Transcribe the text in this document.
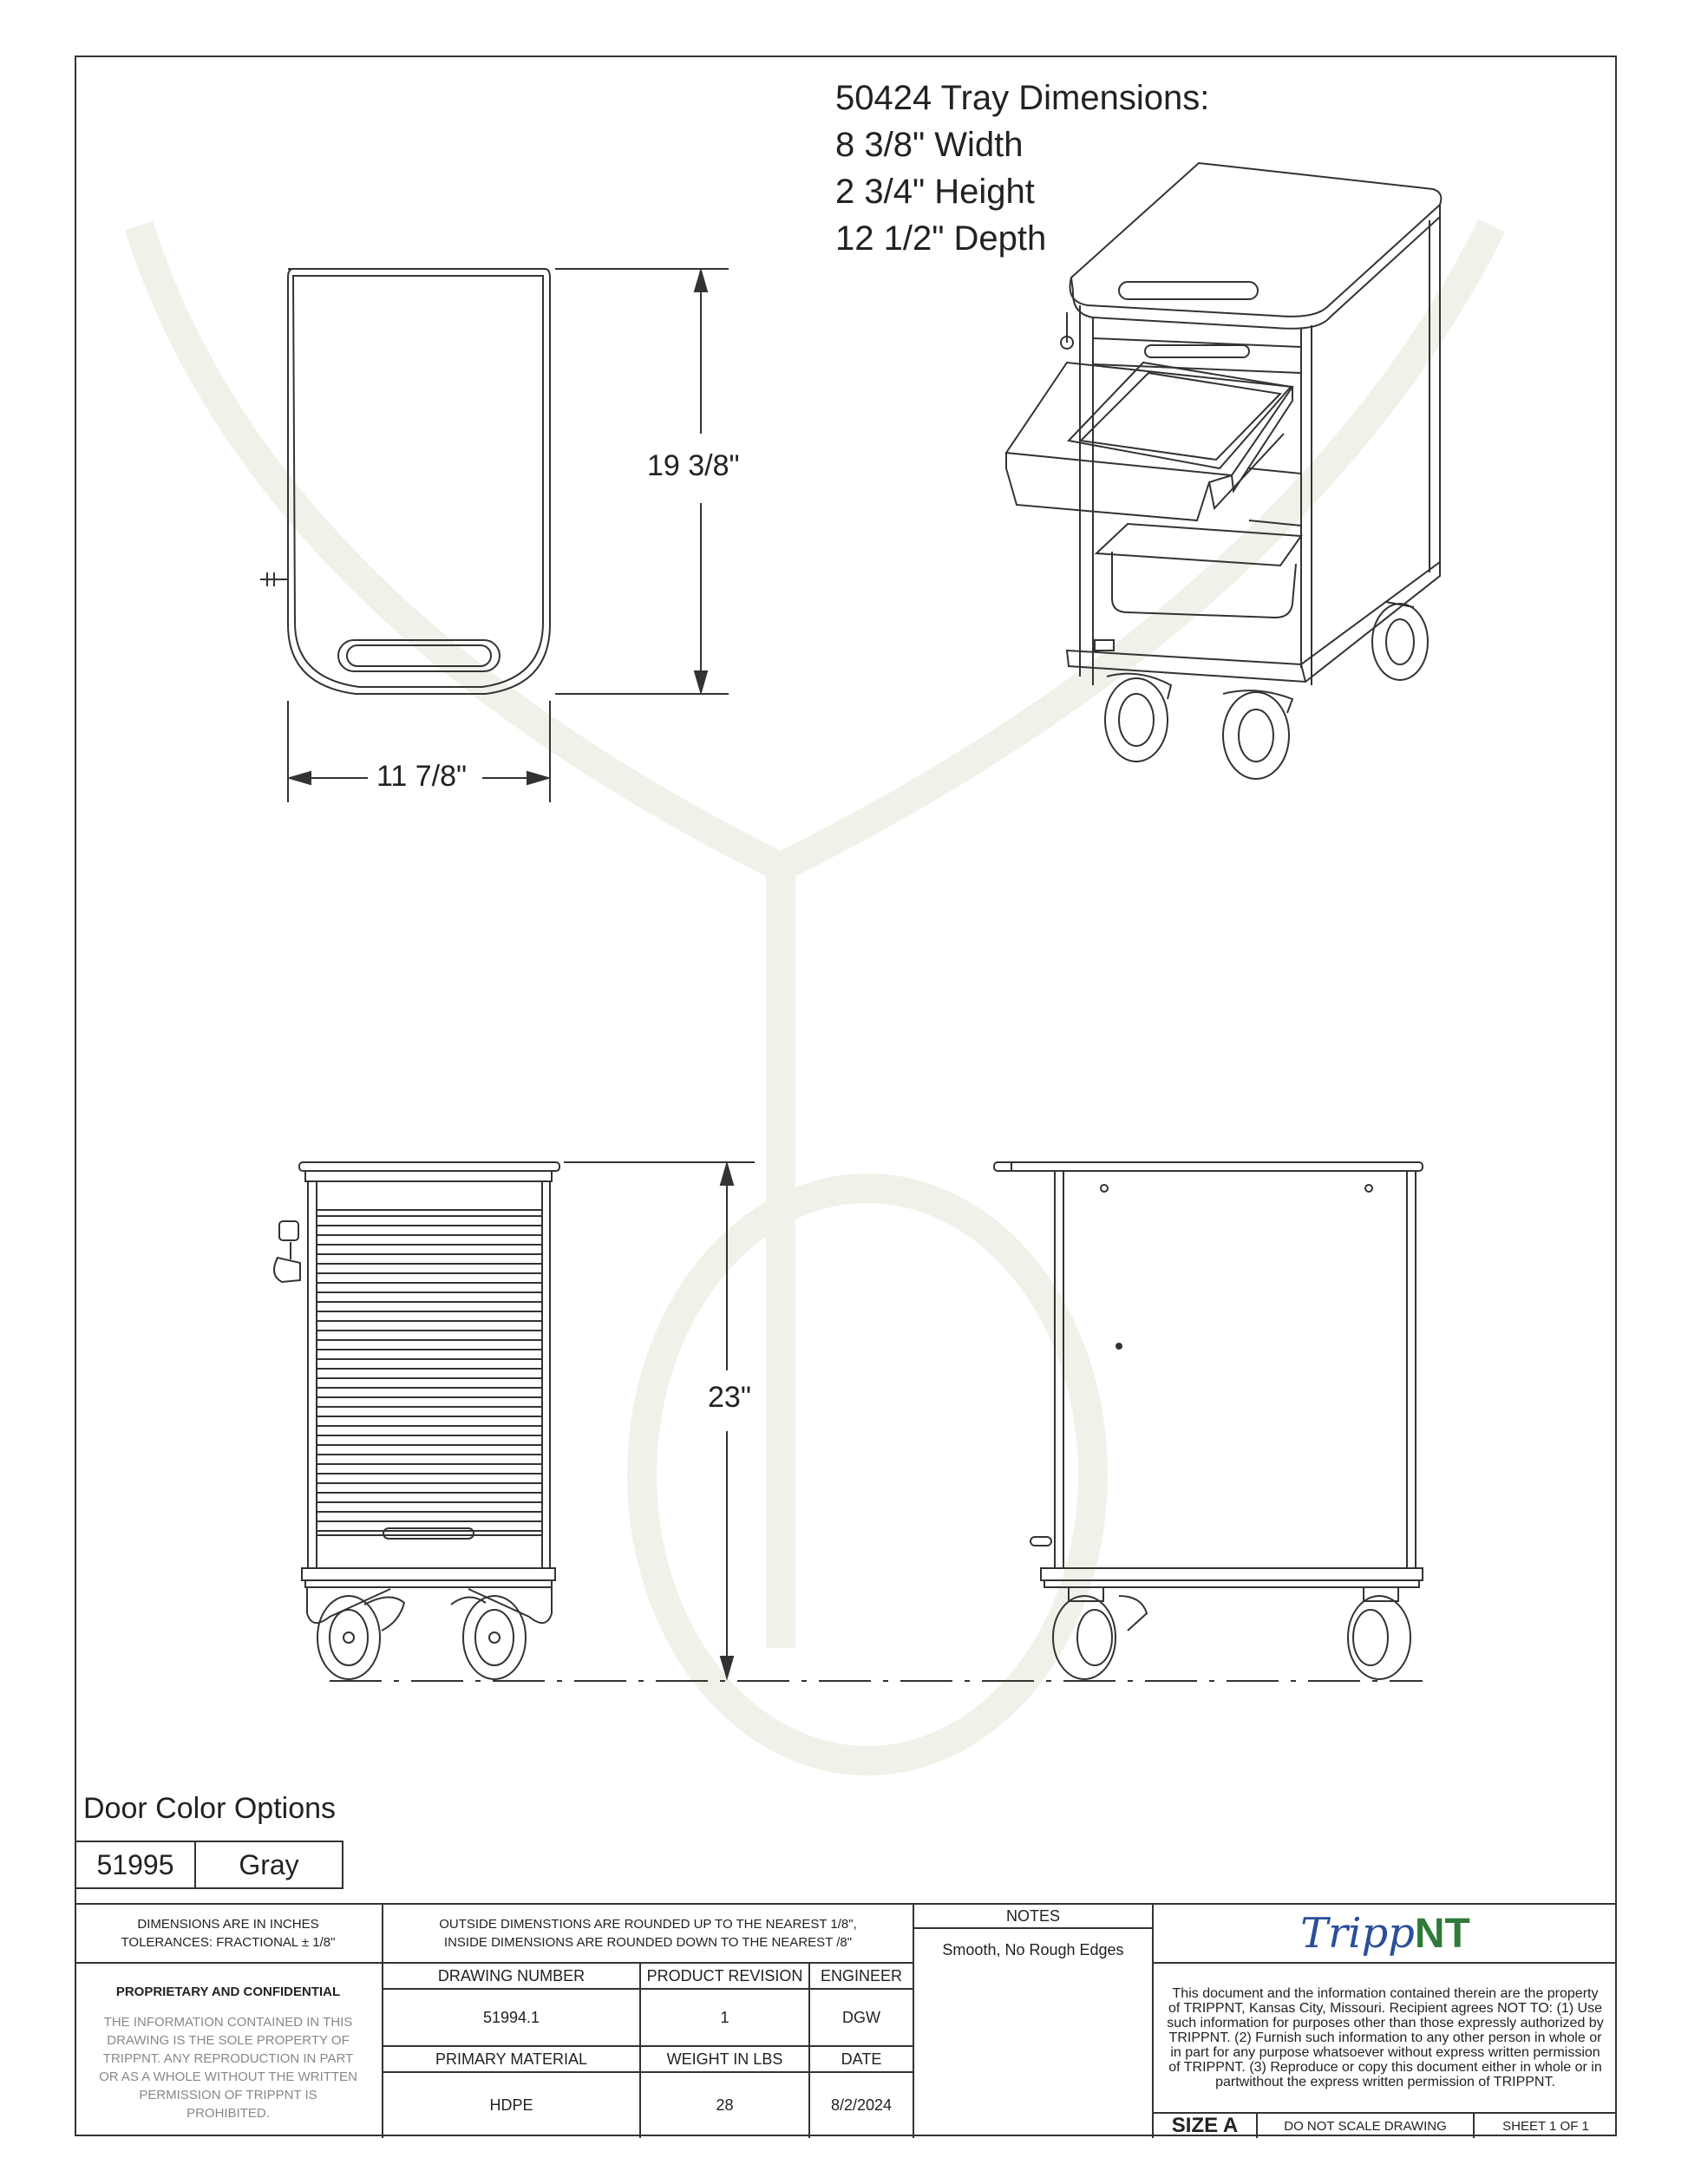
50424 Tray Dimensions:
8 3/8" Width
2 3/4" Height
12 1/2" Depth
19 3/8"
11 7/8"
23"
Door Color Options
51995	Gray
DIMENSIONS ARE IN INCHES
TOLERANCES: FRACTIONAL ± 1/8"
OUTSIDE DIMENSTIONS ARE ROUNDED UP TO THE NEAREST 1/8",
INSIDE DIMENSIONS ARE ROUNDED DOWN TO THE NEAREST /8"
NOTES
Smooth, No Rough Edges	TrippNT
PROPRIETARY AND CONFIDENTIAL
THE INFORMATION CONTAINED IN THIS DRAWING IS THE SOLE PROPERTY OF TRIPPNT. ANY REPRODUCTION IN PART OR AS A WHOLE WITHOUT THE WRITTEN PERMISSION OF TRIPPNT IS PROHIBITED.
DRAWING NUMBER	PRODUCT REVISION	ENGINEER
51994.1	1	DGW
PRIMARY MATERIAL	WEIGHT IN LBS	DATE
HDPE	28	8/2/2024
This document and the information contained therein are the property of TRIPPNT, Kansas City, Missouri. Recipient agrees NOT TO: (1) Use such information for purposes other than those expressly authorized by TRIPPNT. (2) Furnish such information to any other person in whole or in part for any purpose whatsoever without express written permission of TRIPPNT. (3) Reproduce or copy this document either in whole or in partwithout the express written permission of TRIPPNT.
SIZE A	DO NOT SCALE DRAWING	SHEET 1 OF 1
